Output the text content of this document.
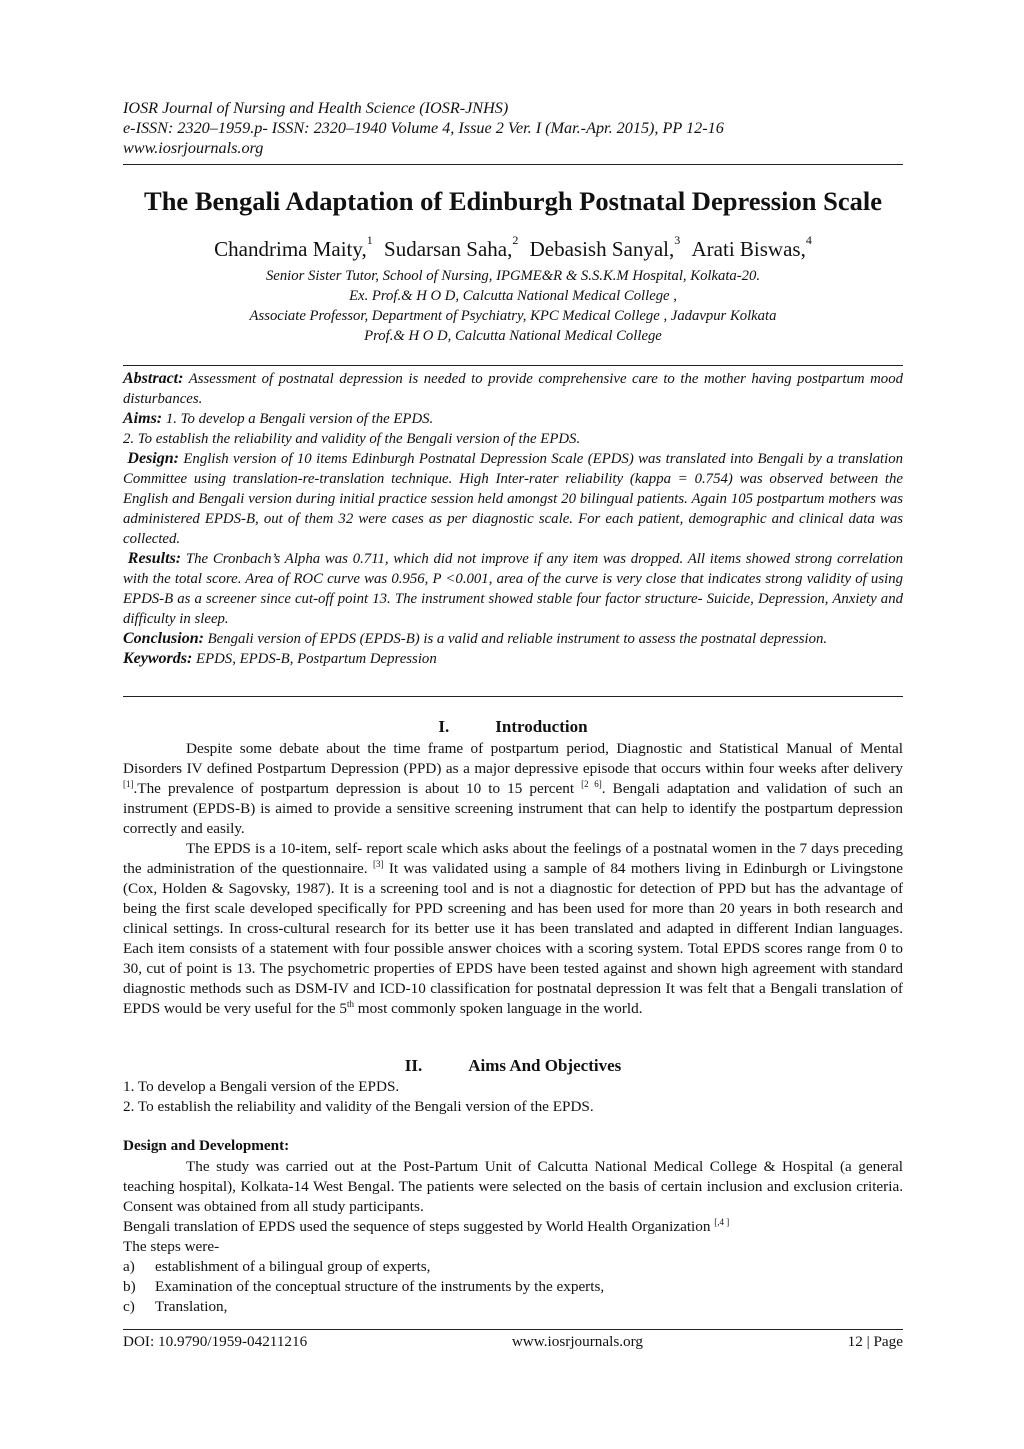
IOSR Journal of Nursing and Health Science (IOSR-JNHS)
e-ISSN: 2320–1959.p- ISSN: 2320–1940 Volume 4, Issue 2 Ver. I (Mar.-Apr. 2015), PP 12-16
www.iosrjournals.org
The Bengali Adaptation of Edinburgh Postnatal Depression Scale
Chandrima Maity,$^1$ Sudarsan Saha,$^2$ Debasish Sanyal,$^3$ Arati Biswas,$^4$
Senior Sister Tutor, School of Nursing, IPGME&R & S.S.K.M Hospital, Kolkata-20.
Ex. Prof.& H O D, Calcutta National Medical College ,
Associate Professor, Department of Psychiatry, KPC Medical College , Jadavpur Kolkata
Prof.& H O D, Calcutta National Medical College

Abstract: Assessment of postnatal depression is needed to provide comprehensive care to the mother having postpartum mood disturbances.

Aims: 1. To develop a Bengali version of the EPDS.

2. To establish the reliability and validity of the Bengali version of the EPDS.

Design: English version of 10 items Edinburgh Postnatal Depression Scale (EPDS) was translated into Bengali by a translation Committee using translation-re-translation technique. High Inter-rater reliability (kappa = 0.754) was observed between the English and Bengali version during initial practice session held amongst 20 bilingual patients. Again 105 postpartum mothers was administered EPDS-B, out of them 32 were cases as per diagnostic scale. For each patient, demographic and clinical data was collected.

Results: The Cronbach’s Alpha was 0.711, which did not improve if any item was dropped. All items showed strong correlation with the total score. Area of ROC curve was 0.956, P <0.001, area of the curve is very close that indicates strong validity of using EPDS-B as a screener since cut-off point 13. The instrument showed stable four factor structure- Suicide, Depression, Anxiety and difficulty in sleep.

Conclusion: Bengali version of EPDS (EPDS-B) is a valid and reliable instrument to assess the postnatal depression.

Keywords: EPDS, EPDS-B, Postpartum Depression

I.	Introduction

Despite some debate about the time frame of postpartum period, Diagnostic and Statistical Manual of Mental Disorders IV defined Postpartum Depression (PPD) as a major depressive episode that occurs within four weeks after delivery [1].The prevalence of postpartum depression is about 10 to 15 percent [2 6]. Bengali adaptation and validation of such an instrument (EPDS-B) is aimed to provide a sensitive screening instrument that can help to identify the postpartum depression correctly and easily.

The EPDS is a 10-item, self- report scale which asks about the feelings of a postnatal women in the 7 days preceding the administration of the questionnaire. [3] It was validated using a sample of 84 mothers living in Edinburgh or Livingstone (Cox, Holden & Sagovsky, 1987). It is a screening tool and is not a diagnostic for detection of PPD but has the advantage of being the first scale developed specifically for PPD screening and has been used for more than 20 years in both research and clinical settings. In cross-cultural research for its better use it has been translated and adapted in different Indian languages. Each item consists of a statement with four possible answer choices with a scoring system. Total EPDS scores range from 0 to 30, cut of point is 13. The psychometric properties of EPDS have been tested against and shown high agreement with standard diagnostic methods such as DSM-IV and ICD-10 classification for postnatal depression It was felt that a Bengali translation of EPDS would be very useful for the 5th most commonly spoken language in the world.

II.	Aims And Objectives

1. To develop a Bengali version of the EPDS.

2. To establish the reliability and validity of the Bengali version of the EPDS.

Design and Development:

The study was carried out at the Post-Partum Unit of Calcutta National Medical College & Hospital (a general teaching hospital), Kolkata-14 West Bengal. The patients were selected on the basis of certain inclusion and exclusion criteria. Consent was obtained from all study participants.

Bengali translation of EPDS used the sequence of steps suggested by World Health Organization [,4 ]

The steps were-

a)	establishment of a bilingual group of experts,
b)	Examination of the conceptual structure of the instruments by the experts,
c)	Translation,
DOI: 10.9790/1959-04211216	www.iosrjournals.org	12 | Page
